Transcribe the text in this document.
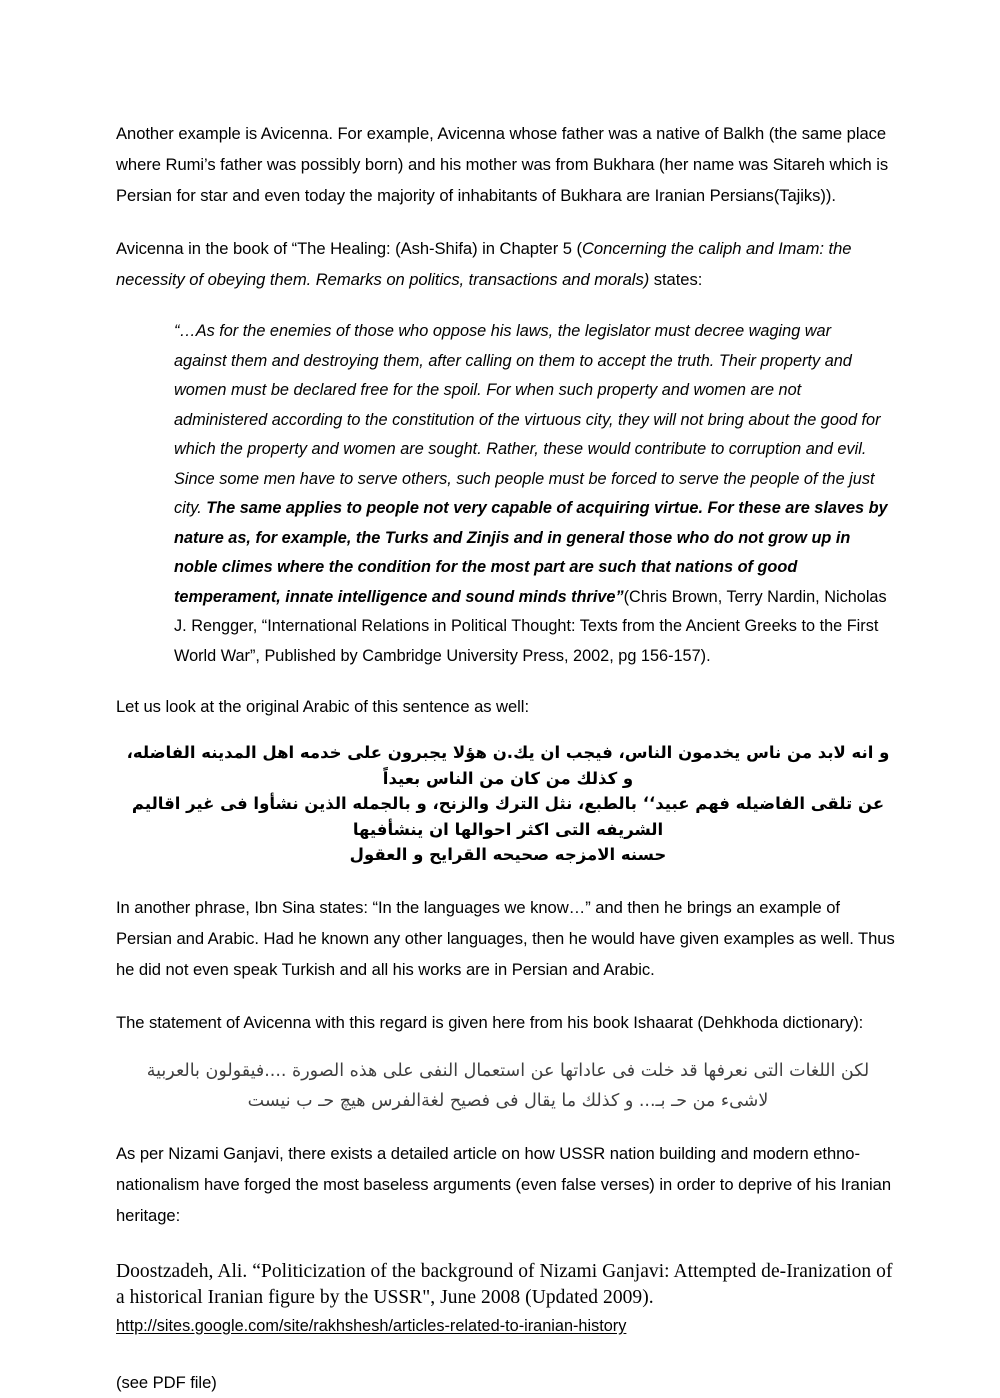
Another example is Avicenna. For example, Avicenna whose father was a native of Balkh (the same place where Rumi’s father was possibly born) and his mother was from Bukhara (her name was Sitareh which is Persian for star and even today the majority of inhabitants of Bukhara are Iranian Persians(Tajiks)).

Avicenna in the book of “The Healing: (Ash-Shifa) in Chapter 5 (Concerning the caliph and Imam: the necessity of obeying them. Remarks on politics, transactions and morals) states:

“…As for the enemies of those who oppose his laws, the legislator must decree waging war against them and destroying them, after calling on them to accept the truth. Their property and women must be declared free for the spoil. For when such property and women are not administered according to the constitution of the virtuous city, they will not bring about the good for which the property and women are sought. Rather, these would contribute to corruption and evil. Since some men have to serve others, such people must be forced to serve the people of the just city. The same applies to people not very capable of acquiring virtue. For these are slaves by nature as, for example, the Turks and Zinjis and in general those who do not grow up in noble climes where the condition for the most part are such that nations of good temperament, innate intelligence and sound minds thrive”(Chris Brown, Terry Nardin, Nicholas J. Rengger, “International Relations in Political Thought: Texts from the Ancient Greeks to the First World War”, Published by Cambridge University Press, 2002, pg 156-157).

Let us look at the original Arabic of this sentence as well:

و انه لابد من ناس يخدمون الناس، فيجب ان يك.ن هؤلا يجبرون على خدمه اهل المدينه الفاضله، و كذلك من كان من الناس بعيداً
عن تلقى الفاضيله فهم عبيد‘‘ بالطبع، نثل الترك والزنح، و بالجمله الذين نشأوا فى غير اقاليم الشريفه التى اكثر احوالها ان ينشأفيها
حسنه الامزجه صحيحه القرايح و العقول

In another phrase, Ibn Sina states: “In the languages we know…” and then he brings an example of Persian and Arabic. Had he known any other languages, then he would have given examples as well. Thus he did not even speak Turkish and all his works are in Persian and Arabic.

The statement of Avicenna with this regard is given here from his book Ishaarat (Dehkhoda dictionary):

لكن اللغات التى نعرفها قد خلت فى عاداتها عن استعمال النفى على هذه الصورة ....فيقولون بالعربية
لاشىء من حـ بـ... و كذلك ما يقال فى فصيح لغةالفرس هيچ حـ ب نيست

As per Nizami Ganjavi, there exists a detailed article on how USSR nation building and modern ethno-nationalism have forged the most baseless arguments (even false verses) in order to deprive of his Iranian heritage:

Doostzadeh, Ali. “Politicization of the background of Nizami Ganjavi: Attempted de-Iranization of a historical Iranian figure by the USSR", June 2008 (Updated 2009).

http://sites.google.com/site/rakhshesh/articles-related-to-iranian-history

(see PDF file)
